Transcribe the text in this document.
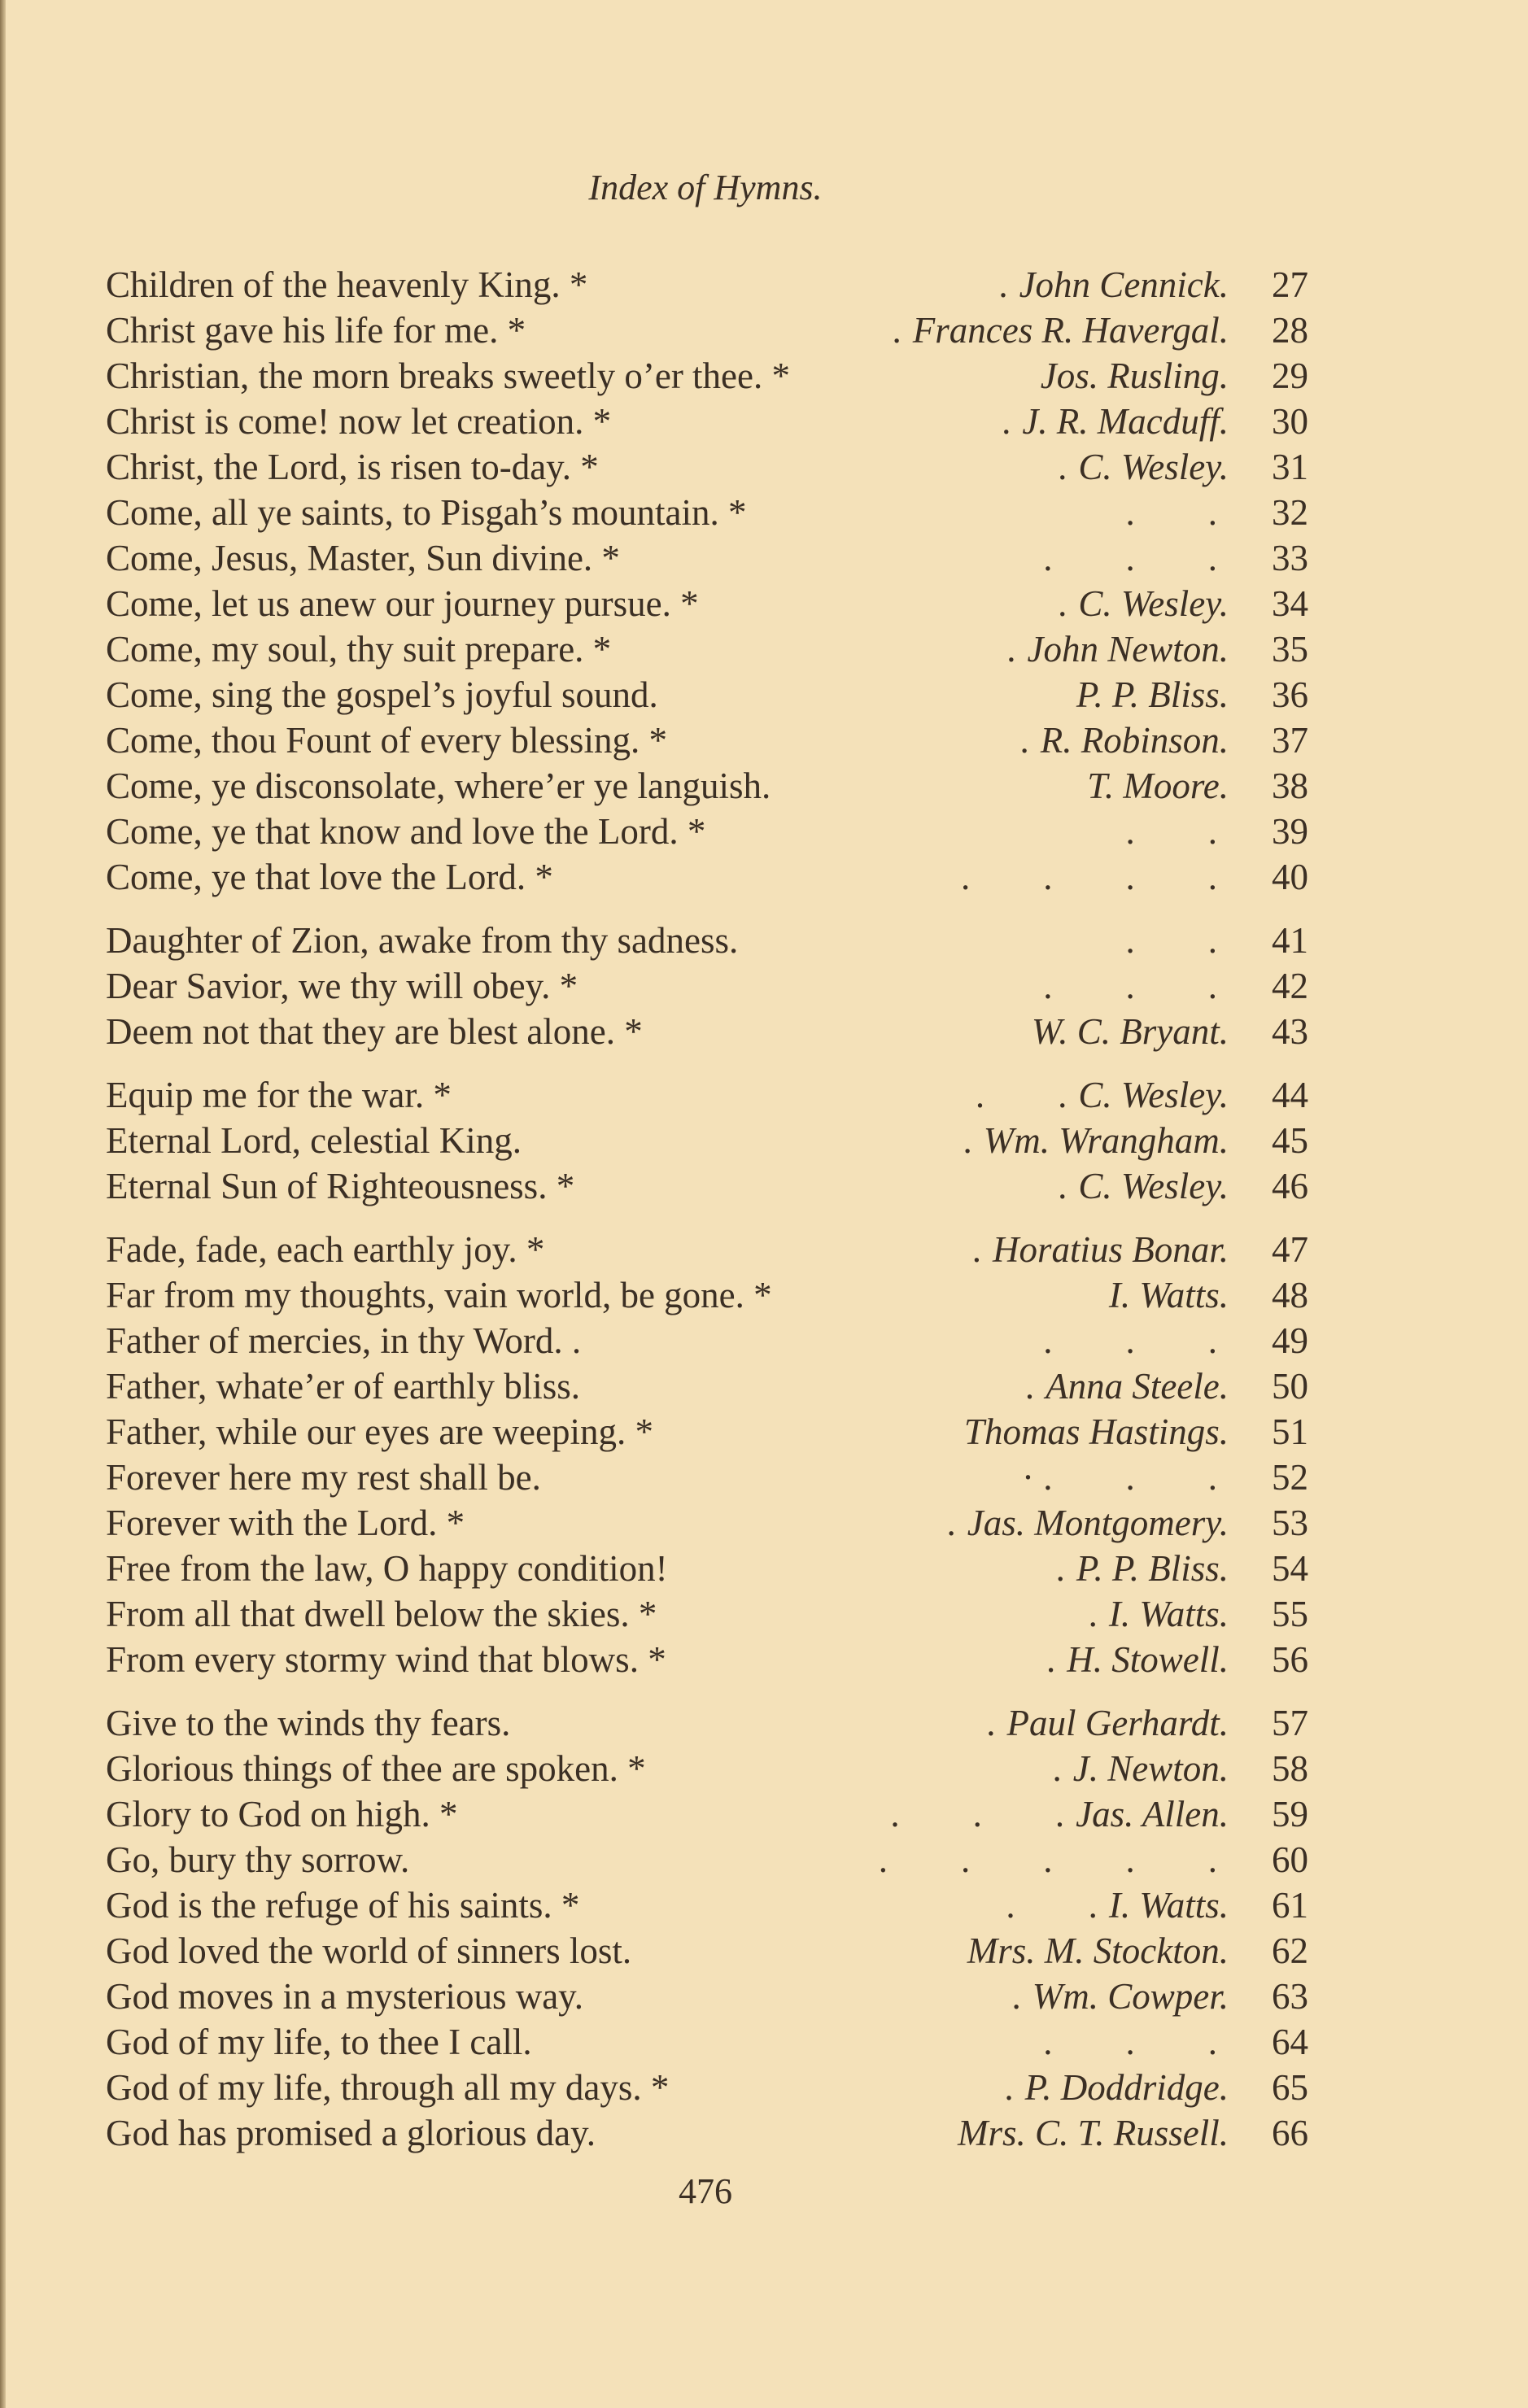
Index of Hymns.
Children of the heavenly King. *	. John Cennick.	27
Christ gave his life for me. *	. Frances R. Havergal.	28
Christian, the morn breaks sweetly o’er thee. *	Jos. Rusling.	29
Christ is come! now let creation. *	. J. R. Macduff.	30
Christ, the Lord, is risen to-day. *	. C. Wesley.	31
Come, all ye saints, to Pisgah’s mountain. *	.        .	32
Come, Jesus, Master, Sun divine. *	.        .        .	33
Come, let us anew our journey pursue. *	. C. Wesley.	34
Come, my soul, thy suit prepare. *	. John Newton.	35
Come, sing the gospel’s joyful sound.	P. P. Bliss.	36
Come, thou Fount of every blessing. *	. R. Robinson.	37
Come, ye disconsolate, where’er ye languish.	T. Moore.	38
Come, ye that know and love the Lord. *	.        .	39
Come, ye that love the Lord. *	.        .        .        .	40
Daughter of Zion, awake from thy sadness.	.        .	41
Dear Savior, we thy will obey. *	.        .        .	42
Deem not that they are blest alone. *	W. C. Bryant.	43
Equip me for the war. *	.        . C. Wesley.	44
Eternal Lord, celestial King.	. Wm. Wrangham.	45
Eternal Sun of Righteousness. *	. C. Wesley.	46
Fade, fade, each earthly joy. *	. Horatius Bonar.	47
Far from my thoughts, vain world, be gone. *	I. Watts.	48
Father of mercies, in thy Word. .	.        .        .	49
Father, whate’er of earthly bliss.	. Anna Steele.	50
Father, while our eyes are weeping. *	Thomas Hastings.	51
Forever here my rest shall be.	· .        .        .	52
Forever with the Lord. *	. Jas. Montgomery.	53
Free from the law, O happy condition!	. P. P. Bliss.	54
From all that dwell below the skies. *	. I. Watts.	55
From every stormy wind that blows. *	. H. Stowell.	56
Give to the winds thy fears.	. Paul Gerhardt.	57
Glorious things of thee are spoken. *	. J. Newton.	58
Glory to God on high. *	.        .        . Jas. Allen.	59
Go, bury thy sorrow.	.        .        .        .        .	60
God is the refuge of his saints. *	.        . I. Watts.	61
God loved the world of sinners lost.	Mrs. M. Stockton.	62
God moves in a mysterious way.	. Wm. Cowper.	63
God of my life, to thee I call.	.        .        .	64
God of my life, through all my days. *	. P. Doddridge.	65
God has promised a glorious day.	Mrs. C. T. Russell.	66
476
